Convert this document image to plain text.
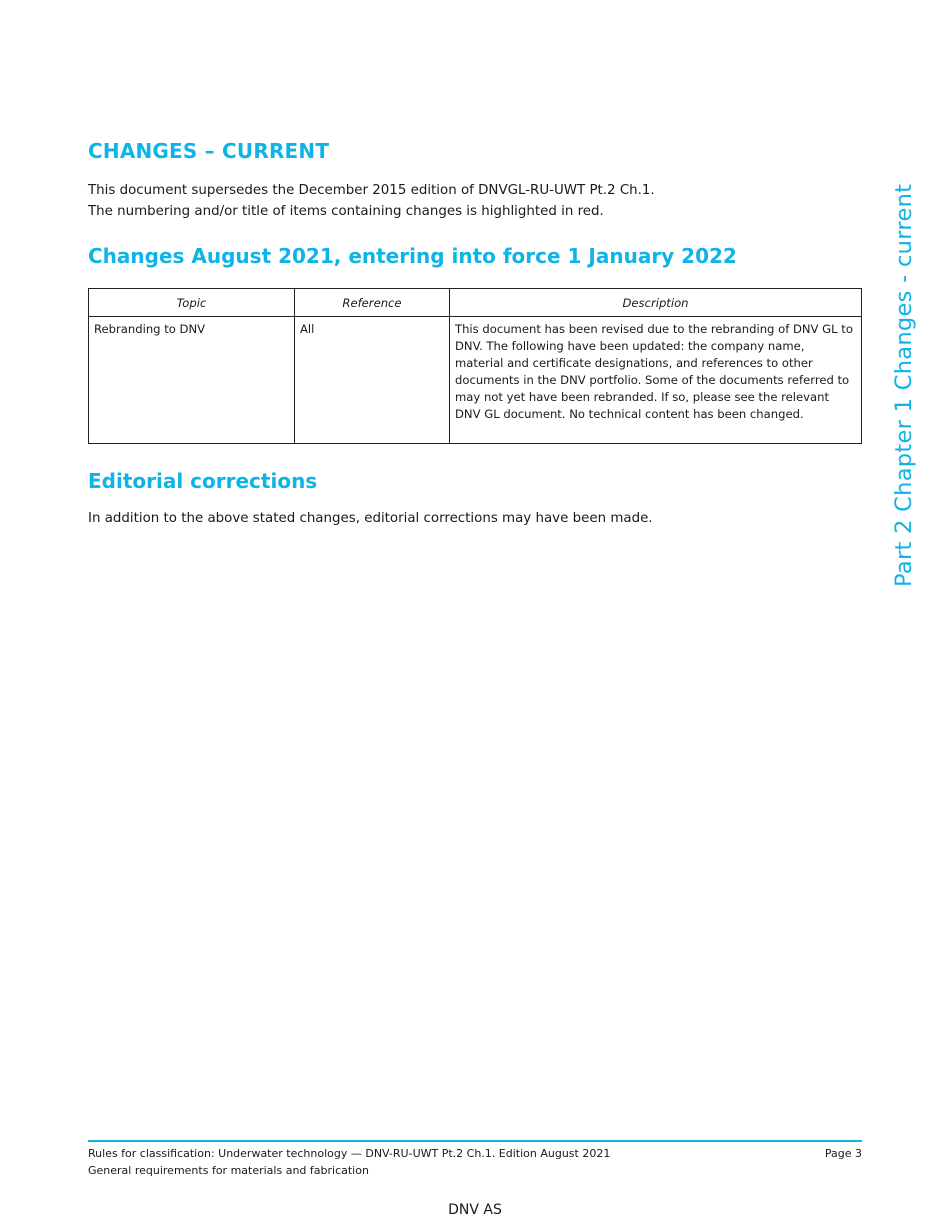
CHANGES – CURRENT
This document supersedes the December 2015 edition of DNVGL-RU-UWT Pt.2 Ch.1.
The numbering and/or title of items containing changes is highlighted in red.
Changes August 2021, entering into force 1 January 2022
Topic	Reference	Description
Rebranding to DNV	All	This document has been revised due to the rebranding of DNV GL to DNV. The following have been updated: the company name, material and certificate designations, and references to other documents in the DNV portfolio. Some of the documents referred to may not yet have been rebranded. If so, please see the relevant DNV GL document. No technical content has been changed.
Editorial corrections

In addition to the above stated changes, editorial corrections may have been made.	Part 2 Chapter 1 Changes - current
Rules for classification: Underwater technology — DNV-RU-UWT Pt.2 Ch.1. Edition August 2021
General requirements for materials and fabrication
Page 3
DNV AS
